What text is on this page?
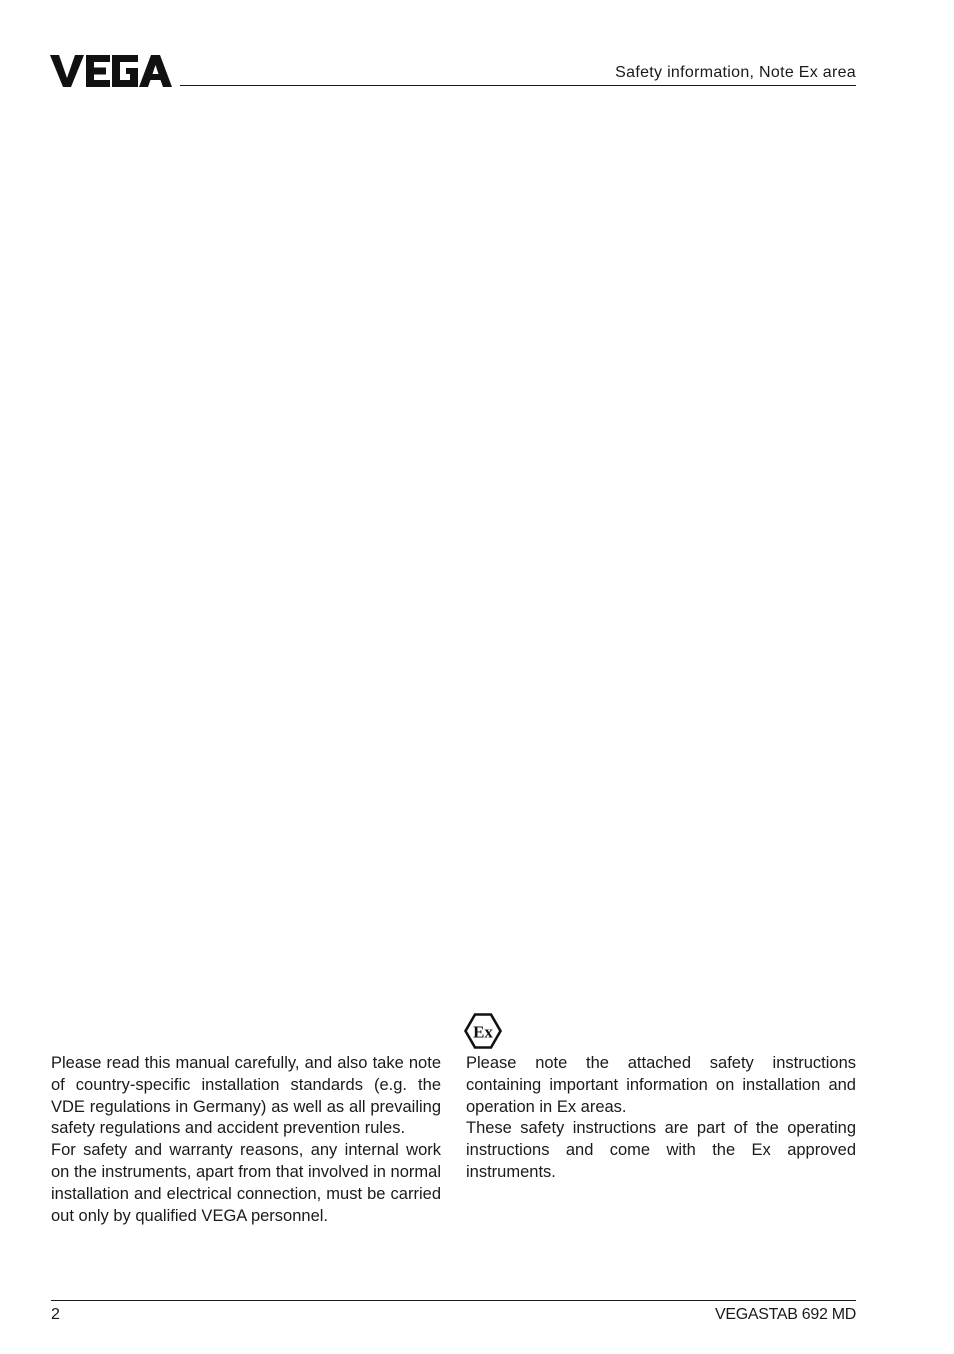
Safety information, Note Ex area

Please read this manual carefully, and also take note of country-specific installation standards (e.g. the VDE regulations in Germany) as well as all prevailing safety regulations and accident prevention rules.

For safety and warranty reasons, any internal work on the instruments, apart from that involved in normal installation and electrical connection, must be carried out only by qualified VEGA personnel.

Ex

Please note the attached safety instructions containing important information on installation and operation in Ex areas.

These safety instructions are part of the operating instructions and come with the Ex approved instruments.

2	VEGASTAB 692 MD
